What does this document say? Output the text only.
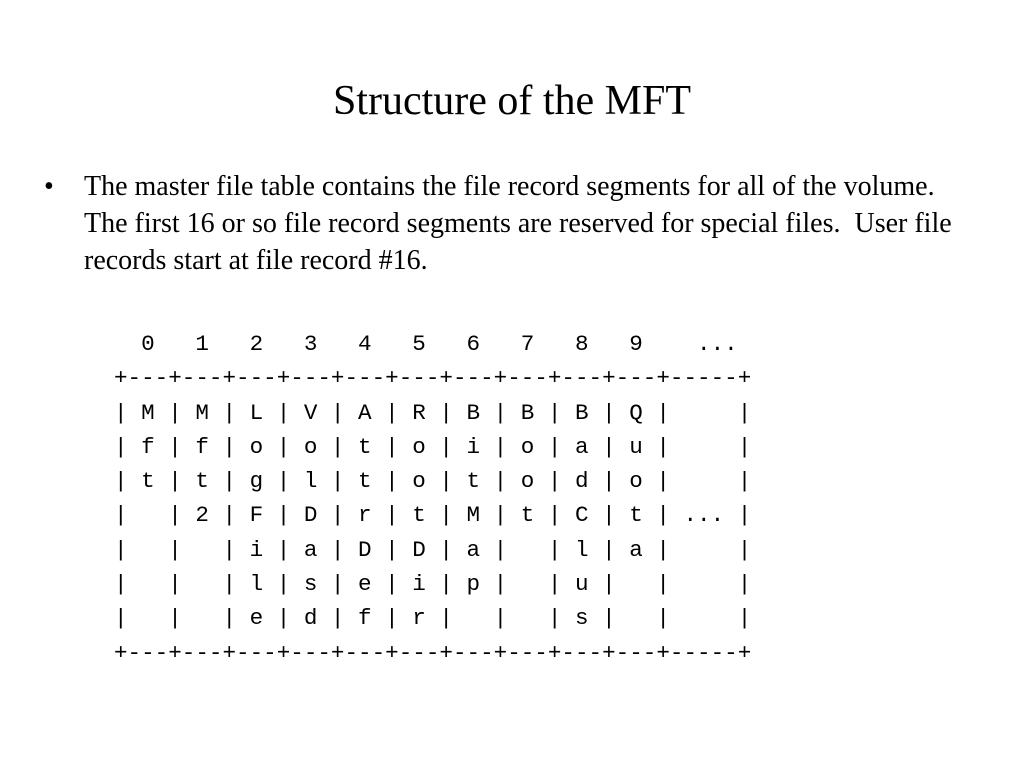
Structure of the MFT
• The master file table contains the file record segments for all of the volume.  The first 16 or so file record segments are reserved for special files.  User file records start at file record #16.

0   1   2   3   4   5   6   7   8   9    ...
+---+---+---+---+---+---+---+---+---+---+-----+
| M | M | L | V | A | R | B | B | B | Q |     |
| f | f | o | o | t | o | i | o | a | u |     |
| t | t | g | l | t | o | t | o | d | o |     |
|   | 2 | F | D | r | t | M | t | C | t | ... |
|   |   | i | a | D | D | a |   | l | a |     |
|   |   | l | s | e | i | p |   | u |   |     |
|   |   | e | d | f | r |   |   | s |   |     |
+---+---+---+---+---+---+---+---+---+---+-----+
